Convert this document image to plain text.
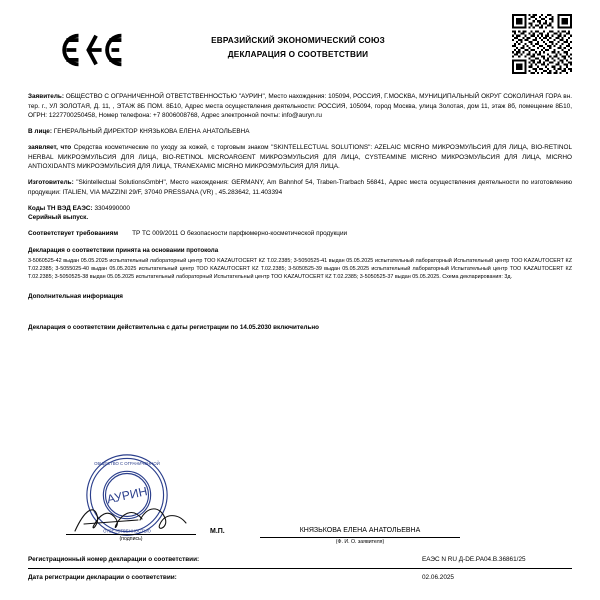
ЕВРАЗИЙСКИЙ ЭКОНОМИЧЕСКИЙ СОЮЗ
ДЕКЛАРАЦИЯ О СООТВЕТСТВИИ
Заявитель: ОБЩЕСТВО С ОГРАНИЧЕННОЙ ОТВЕТСТВЕННОСТЬЮ "АУРИН", Место нахождения: 105094, РОССИЯ, Г.МОСКВА, МУНИЦИПАЛЬНЫЙ ОКРУГ СОКОЛИНАЯ ГОРА вн. тер. г., УЛ ЗОЛОТАЯ, Д. 11, , ЭТАЖ 8Б ПОМ. 8Б10, Адрес места осуществления деятельности: РОССИЯ, 105094, город Москва, улица Золотая, дом 11, этаж 8б, помещение 8Б10, ОГРН: 1227700250458, Номер телефона: +7 8006008768, Адрес электронной почты: info@auryn.ru
В лице: ГЕНЕРАЛЬНЫЙ ДИРЕКТОР КНЯЗЬКОВА ЕЛЕНА АНАТОЛЬЕВНА
заявляет, что Средства косметические по уходу за кожей, с торговым знаком "SKINTELLECTUAL SOLUTIONS": AZELAIC MICRHO МИКРОЭМУЛЬСИЯ ДЛЯ ЛИЦА, BIO-RETINOL HERBAL МИКРОЭМУЛЬСИЯ ДЛЯ ЛИЦА, BIO-RETINOL MICROARGENT МИКРОЭМУЛЬСИЯ ДЛЯ ЛИЦА, CYSTEAMINE MICRHO МИКРОЭМУЛЬСИЯ ДЛЯ ЛИЦА, MICRHO ANTIOXIDANTS МИКРОЭМУЛЬСИЯ ДЛЯ ЛИЦА, TRANEXAMIC MICRHO МИКРОЭМУЛЬСИЯ ДЛЯ ЛИЦА.
Изготовитель: "Skintellectual SolutionsGmbH", Место нахождения: GERMANY, Am Bahnhof 54, Traben-Trarbach 56841, Адрес места осуществления деятельности по изготовлению продукции: ITALIEN, VIA MAZZINI 29/F, 37040 PRESSANA (VR) , 45.283642, 11.403394
Коды ТН ВЭД ЕАЭС: 3304990000
Серийный выпуск.
Соответствует требованиям ТР ТС 009/2011 О безопасности парфюмерно-косметической продукции
Декларация о соответствии принята на основании протокола
3-5060525-42 выдан 05.05.2025 испытательный лабораторный центр ТОО KAZAUTOCERT КZ Т.02.2385; 3-5050525-41 выдан 05.05.2025 испытательный лабораторный Испытательный центр ТОО KAZAUTOCERT КZ Т.02.2385; 3-5055025-40 выдан 05.05.2025 испытательный центр ТОО KAZAUTOCERT КZ Т.02.2385; 3-5050525-39 выдан 05.05.2025 испытательный лабораторный Испытательный центр ТОО KAZAUTOCERT КZ Т.02.2385; 3-5050525-38 выдан 05.05.2025 испытательный лабораторный Испытательный центр ТОО KAZAUTOCERT КZ Т.02.2385; 3-5050525-37 выдан 05.05.2025. Схема декларирования: 3д.
Дополнительная информация
Декларация о соответствии действительна с даты регистрации по 14.05.2030 включительно
АУРИН
ОБЩЕСТВО С ОГРАНИЧЕННОЙ
ОТВЕТСТВЕННОСТЬЮ
(подпись)
М.П.	КНЯЗЬКОВА ЕЛЕНА АНАТОЛЬЕВНА
(Ф. И. О. заявителя)
Регистрационный номер декларации о соответствии:	ЕАЭС N RU Д-DE.РА04.В.36861/25
Дата регистрации декларации о соответствии:	02.06.2025
